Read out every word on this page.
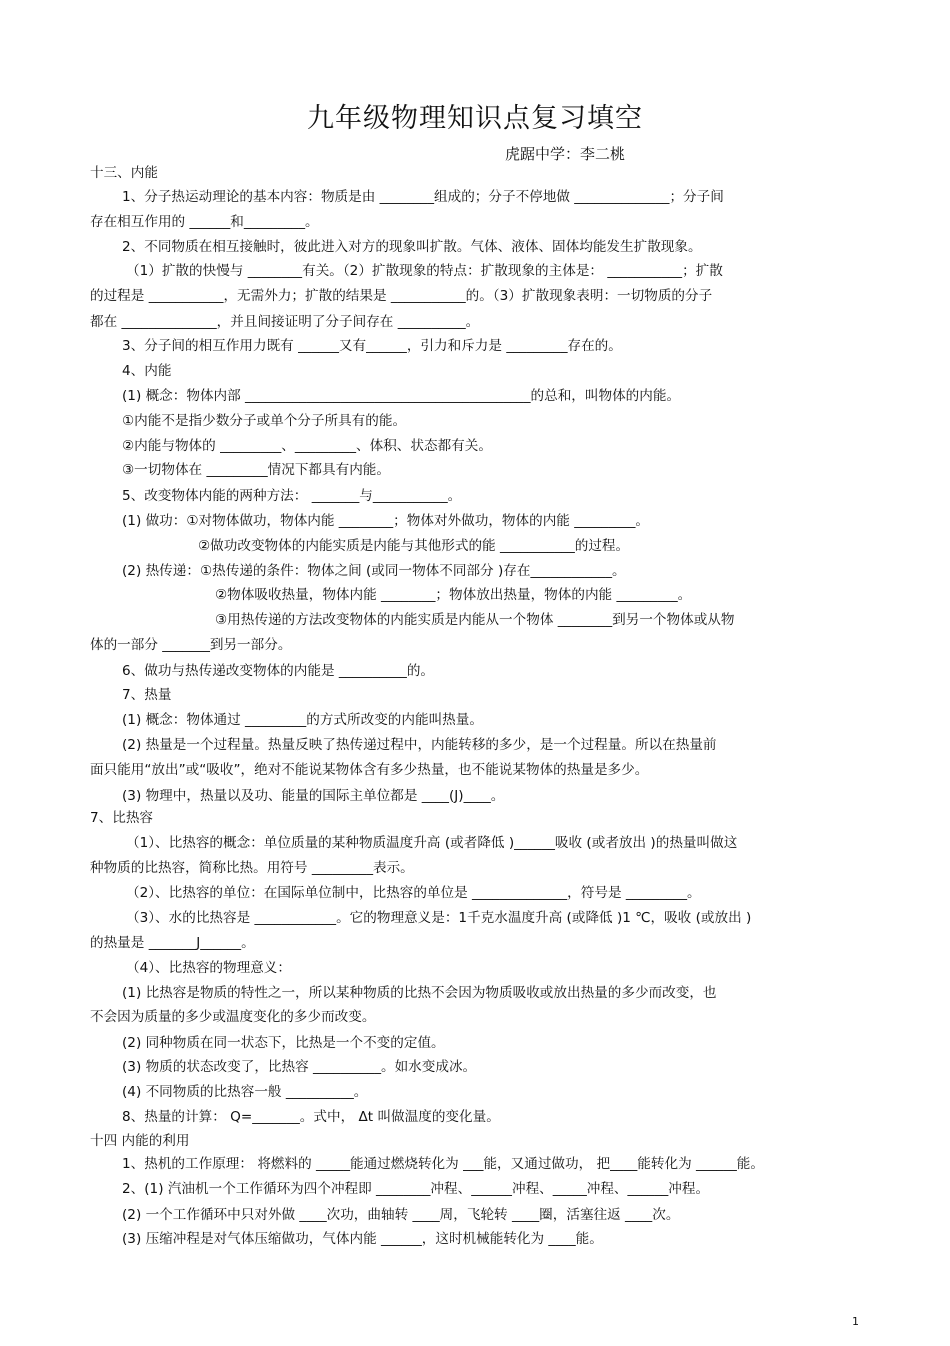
九年级物理知识点复习填空
虎踞中学：李二桃
十三、内能
1、分子热运动理论的基本内容：物质是由 ________组成的；分子不停地做 ______________；分子间
存在相互作用的 ______和_________。
2、不同物质在相互接触时，彼此进入对方的现象叫扩散。气体、液体、固体均能发生扩散现象。
（1）扩散的快慢与 ________有关。（2）扩散现象的特点：扩散现象的主体是： ___________；扩散
的过程是 ___________，无需外力；扩散的结果是 ___________的。（3）扩散现象表明：一切物质的分子
都在 ______________，并且间接证明了分子间存在 __________。
3、分子间的相互作用力既有 ______又有______，引力和斥力是 _________存在的。
4、内能
(1) 概念：物体内部 __________________________________________的总和，叫物体的内能。
①内能不是指少数分子或单个分子所具有的能。
②内能与物体的 _________、_________、体积、状态都有关。
③一切物体在 _________情况下都具有内能。
5、改变物体内能的两种方法： _______与___________。
(1) 做功：①对物体做功，物体内能 ________；物体对外做功，物体的内能 _________。
②做功改变物体的内能实质是内能与其他形式的能 ___________的过程。
(2) 热传递：①热传递的条件：物体之间 (或同一物体不同部分 )存在____________。
②物体吸收热量，物体内能 ________；物体放出热量，物体的内能 _________。
③用热传递的方法改变物体的内能实质是内能从一个物体 ________到另一个物体或从物
体的一部分 _______到另一部分。
6、做功与热传递改变物体的内能是 __________的。
7、热量
(1) 概念：物体通过 _________的方式所改变的内能叫热量。
(2) 热量是一个过程量。热量反映了热传递过程中，内能转移的多少，是一个过程量。所以在热量前
面只能用“放出”或“吸收”，绝对不能说某物体含有多少热量，也不能说某物体的热量是多少。
(3) 物理中，热量以及功、能量的国际主单位都是 ____(J)____。
7、比热容
（1）、比热容的概念：单位质量的某种物质温度升高 (或者降低 )______吸收 (或者放出 )的热量叫做这
种物质的比热容，简称比热。用符号 _________表示。
（2）、比热容的单位：在国际单位制中，比热容的单位是 ______________，符号是 _________。
（3）、水的比热容是 ____________。它的物理意义是：1千克水温度升高 (或降低 )1 ℃，吸收 (或放出 )
的热量是 _______J______。
（4）、比热容的物理意义：
(1) 比热容是物质的特性之一，所以某种物质的比热不会因为物质吸收或放出热量的多少而改变，也
不会因为质量的多少或温度变化的多少而改变。
(2) 同种物质在同一状态下，比热是一个不变的定值。
(3) 物质的状态改变了，比热容 __________。如水变成冰。
(4) 不同物质的比热容一般 __________。
8、热量的计算： Q=_______。式中， Δt 叫做温度的变化量。
十四 内能的利用
1、热机的工作原理： 将燃料的 _____能通过燃烧转化为 ___能，又通过做功， 把____能转化为 ______能。
2、(1) 汽油机一个工作循环为四个冲程即 ________冲程、______冲程、_____冲程、______冲程。
(2) 一个工作循环中只对外做 ____次功，曲轴转 ____周，飞轮转 ____圈，活塞往返 ____次。
(3) 压缩冲程是对气体压缩做功，气体内能 ______，这时机械能转化为 ____能。
1
